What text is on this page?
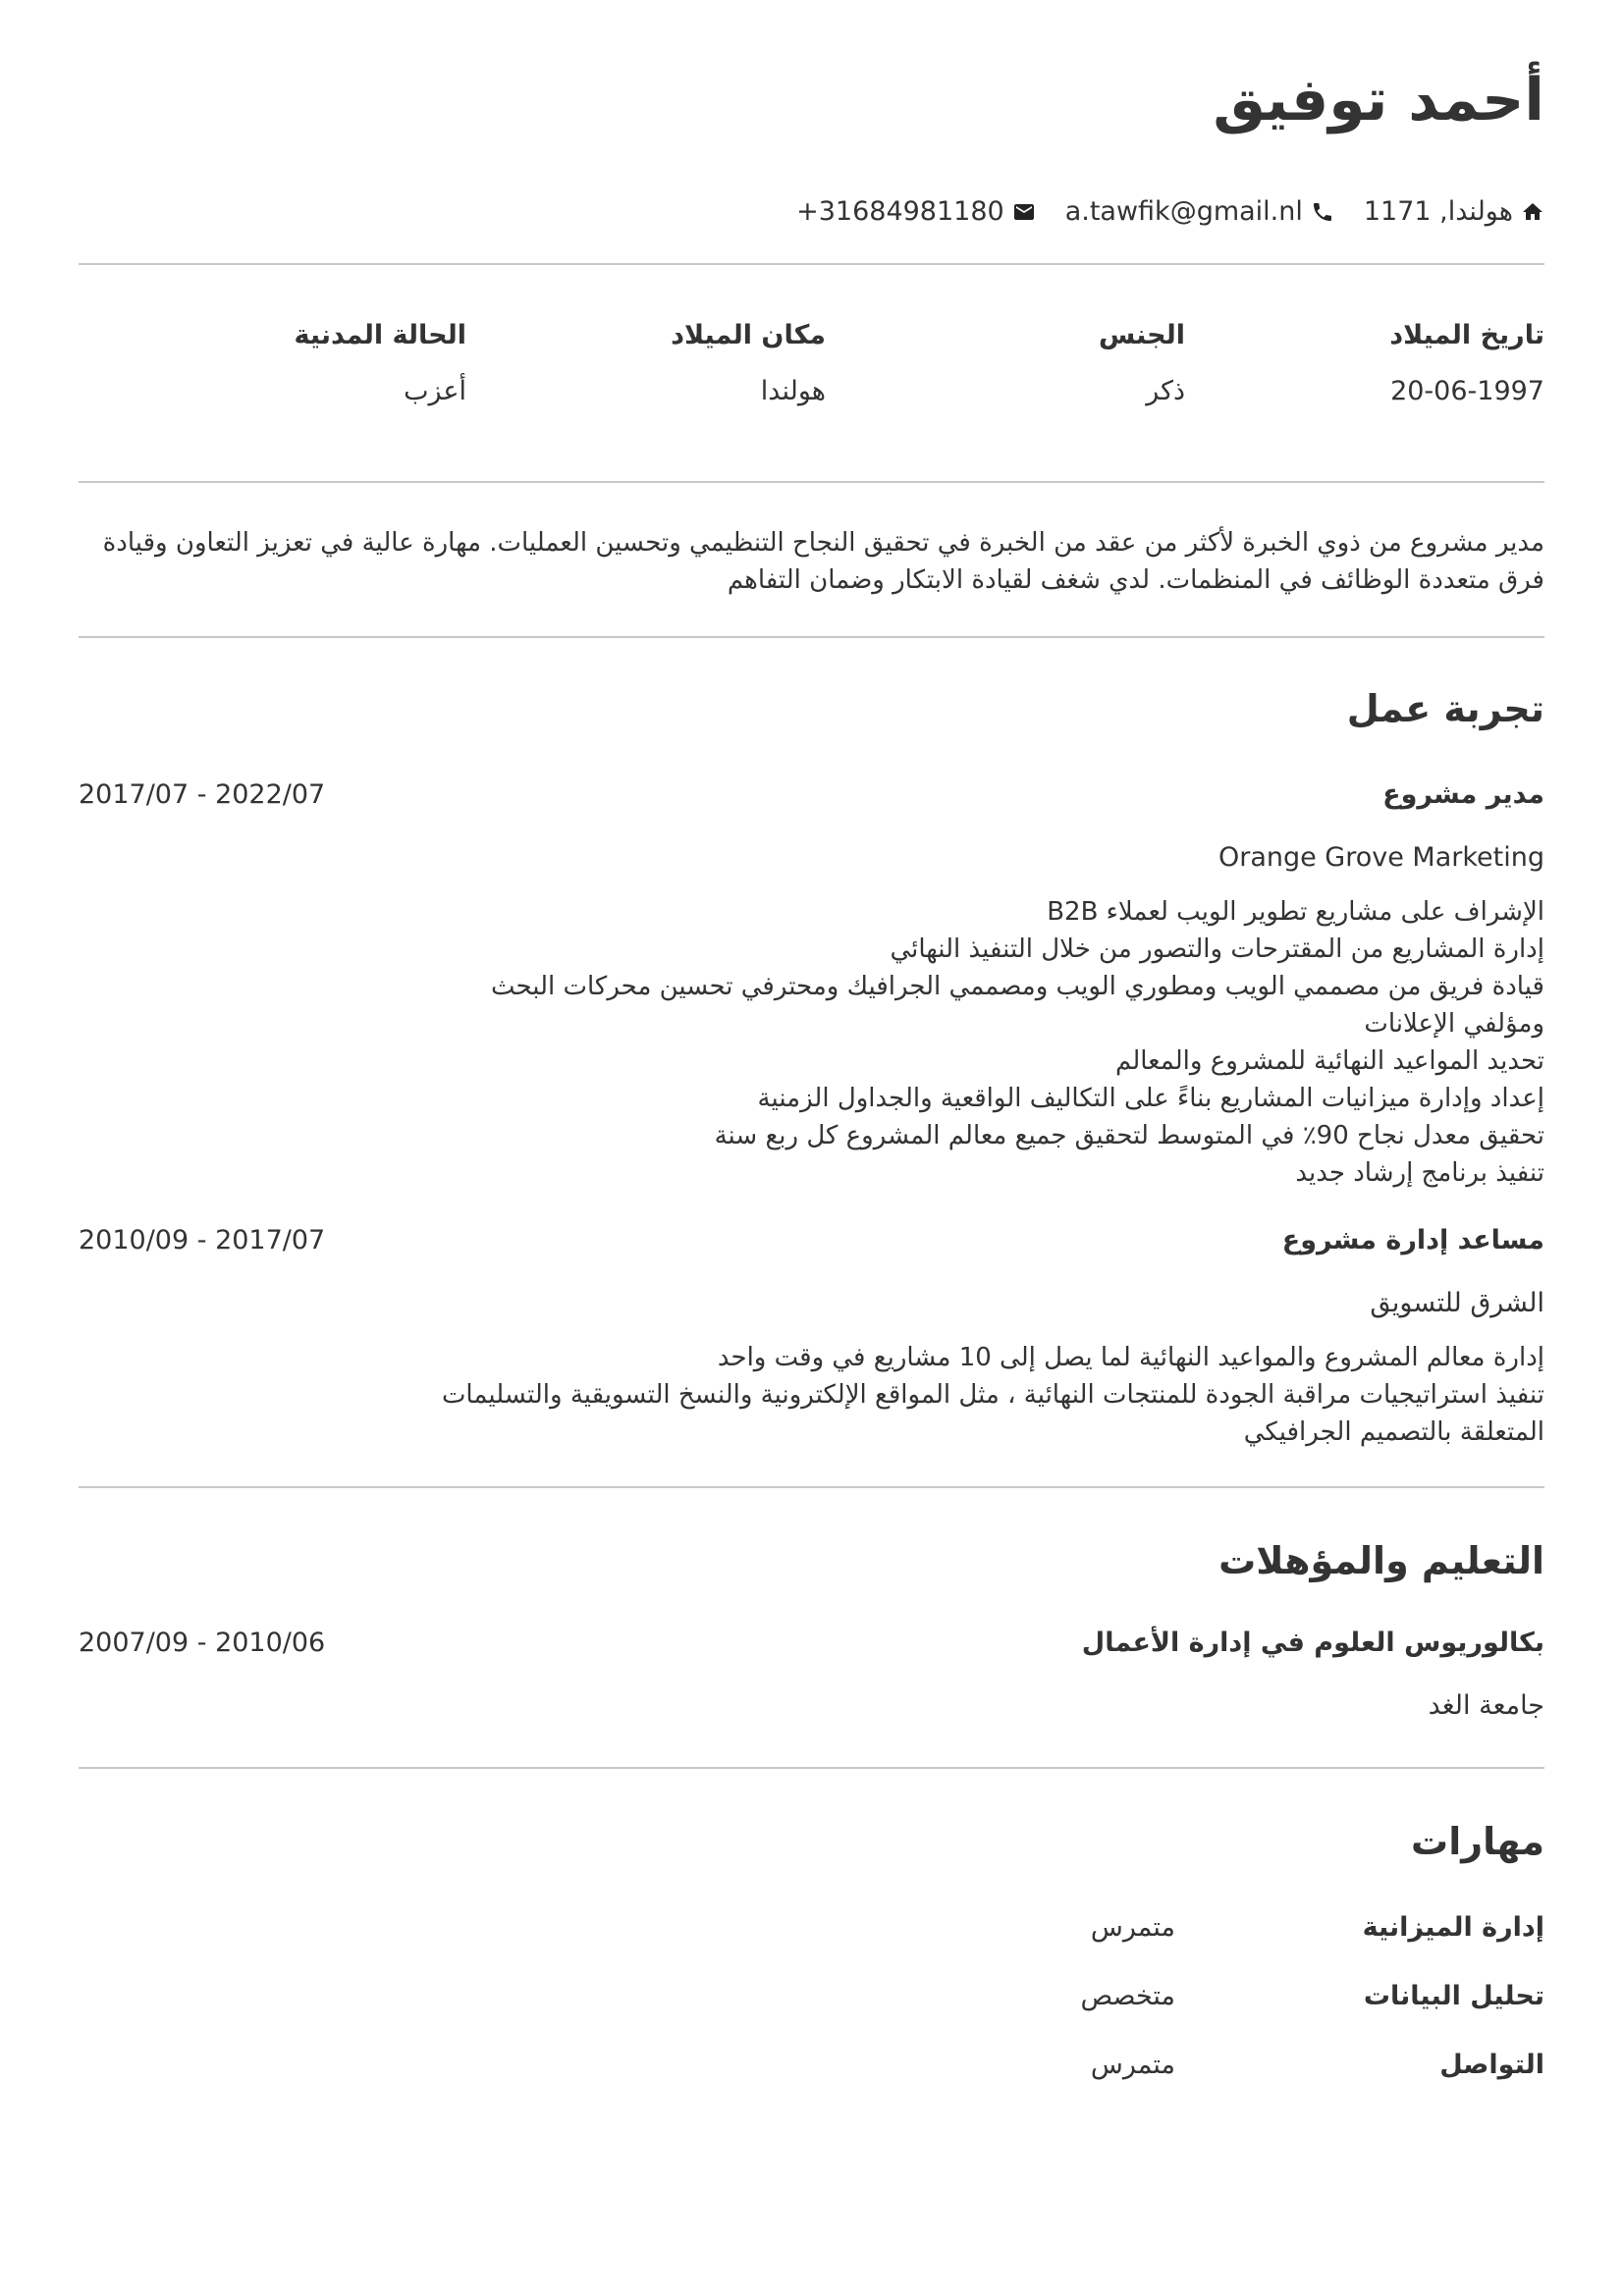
أحمد توفيق
هولندا, 1171
a.tawfik@gmail.nl
+31684981180
تاريخ الميلاد
20-06-1997
الجنس
ذكر
مكان الميلاد
هولندا
الحالة المدنية
أعزب

مدير مشروع من ذوي الخبرة لأكثر من عقد من الخبرة في تحقيق النجاح التنظيمي وتحسين العمليات. مهارة عالية في تعزيز التعاون وقيادة فرق متعددة الوظائف في المنظمات. لدي شغف لقيادة الابتكار وضمان التفاهم

تجربة عمل
مدير مشروع
2017/07 - 2022/07
Orange Grove Marketing
الإشراف على مشاريع تطوير الويب لعملاء B2B
إدارة المشاريع من المقترحات والتصور من خلال التنفيذ النهائي
قيادة فريق من مصممي الويب ومطوري الويب ومصممي الجرافيك ومحترفي تحسين محركات البحث ومؤلفي الإعلانات
تحديد المواعيد النهائية للمشروع والمعالم
إعداد وإدارة ميزانيات المشاريع بناءً على التكاليف الواقعية والجداول الزمنية
تحقيق معدل نجاح 90٪ في المتوسط لتحقيق جميع معالم المشروع كل ربع سنة
تنفيذ برنامج إرشاد جديد
مساعد إدارة مشروع
2010/09 - 2017/07
الشرق للتسويق
إدارة معالم المشروع والمواعيد النهائية لما يصل إلى 10 مشاريع في وقت واحد
تنفيذ استراتيجيات مراقبة الجودة للمنتجات النهائية ، مثل المواقع الإلكترونية والنسخ التسويقية والتسليمات المتعلقة بالتصميم الجرافيكي
التعليم والمؤهلات
بكالوريوس العلوم في إدارة الأعمال
2007/09 - 2010/06
جامعة الغد
مهارات
إدارة الميزانية
متمرس
تحليل البيانات
متخصص
التواصل
متمرس
